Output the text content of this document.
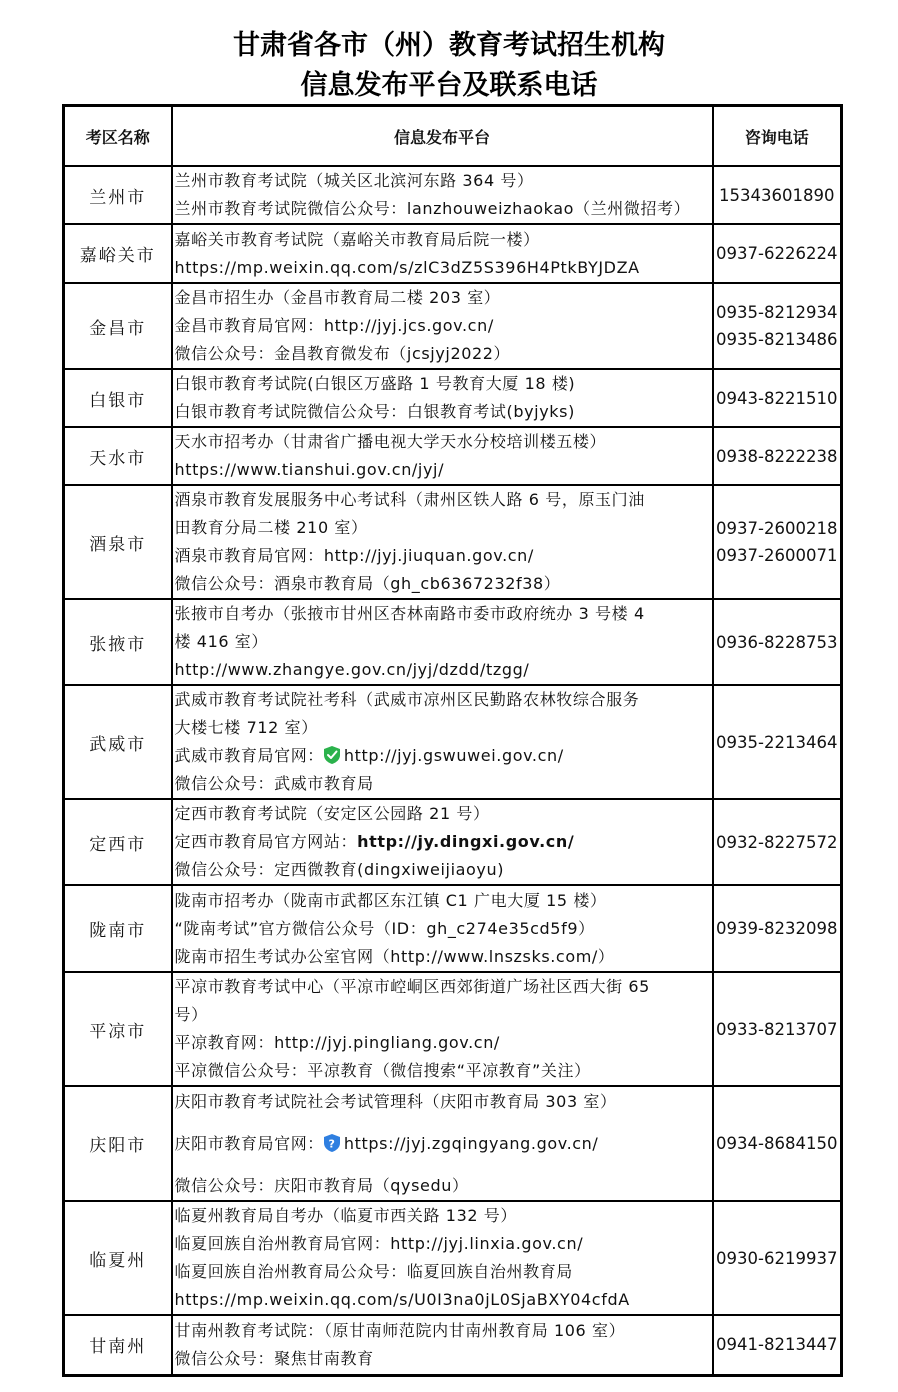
甘肃省各市（州）教育考试招生机构
信息发布平台及联系电话
考区名称	信息发布平台	咨询电话
兰州市	兰州市教育考试院（城关区北滨河东路 364 号）
兰州市教育考试院微信公众号：lanzhouweizhaokao（兰州微招考）	15343601890

嘉峪关市	嘉峪关市教育考试院（嘉峪关市教育局后院一楼）
https://mp.weixin.qq.com/s/zlC3dZ5S396H4PtkBYJDZA	0937-6226224

金昌市	金昌市招生办（金昌市教育局二楼 203 室）
金昌市教育局官网：http://jyj.jcs.gov.cn/
微信公众号：金昌教育微发布（jcsjyj2022）	0935-8212934
0935-8213486

白银市	白银市教育考试院(白银区万盛路 1 号教育大厦 18 楼)
白银市教育考试院微信公众号：白银教育考试(byjyks)	0943-8221510

天水市	天水市招考办（甘肃省广播电视大学天水分校培训楼五楼）
https://www.tianshui.gov.cn/jyj/	0938-8222238

酒泉市	酒泉市教育发展服务中心考试科（肃州区铁人路 6 号，原玉门油
田教育分局二楼 210 室）
酒泉市教育局官网：http://jyj.jiuquan.gov.cn/
微信公众号：酒泉市教育局（gh_cb6367232f38）	0937-2600218
0937-2600071

张掖市	张掖市自考办（张掖市甘州区杏林南路市委市政府统办 3 号楼 4
楼 416 室）
http://www.zhangye.gov.cn/jyj/dzdd/tzgg/	0936-8228753

武威市	武威市教育考试院社考科（武威市凉州区民勤路农林牧综合服务
大楼七楼 712 室）
武威市教育局官网： http://jyj.gswuwei.gov.cn/
微信公众号：武威市教育局	0935-2213464

定西市	定西市教育考试院（安定区公园路 21 号）
定西市教育局官方网站：http://jy.dingxi.gov.cn/
微信公众号：定西微教育(dingxiweijiaoyu)	0932-8227572

陇南市	陇南市招考办（陇南市武都区东江镇 C1 广电大厦 15 楼）
“陇南考试”官方微信公众号（ID：gh_c274e35cd5f9）
陇南市招生考试办公室官网（http://www.lnszsks.com/）	0939-8232098

平凉市	平凉市教育考试中心（平凉市崆峒区西郊街道广场社区西大街 65
号）
平凉教育网：http://jyj.pingliang.gov.cn/
平凉微信公众号：平凉教育（微信搜索“平凉教育”关注）	0933-8213707

庆阳市	庆阳市教育考试院社会考试管理科（庆阳市教育局 303 室）
庆阳市教育局官网： ? https://jyj.zgqingyang.gov.cn/
微信公众号：庆阳市教育局（qysedu）	0934-8684150

临夏州	临夏州教育局自考办（临夏市西关路 132 号）
临夏回族自治州教育局官网：http://jyj.linxia.gov.cn/
临夏回族自治州教育局公众号：临夏回族自治州教育局
https://mp.weixin.qq.com/s/U0I3na0jL0SjaBXY04cfdA	0930-6219937

甘南州	甘南州教育考试院：（原甘南师范院内甘南州教育局 106 室）
微信公众号：聚焦甘南教育	0941-8213447
